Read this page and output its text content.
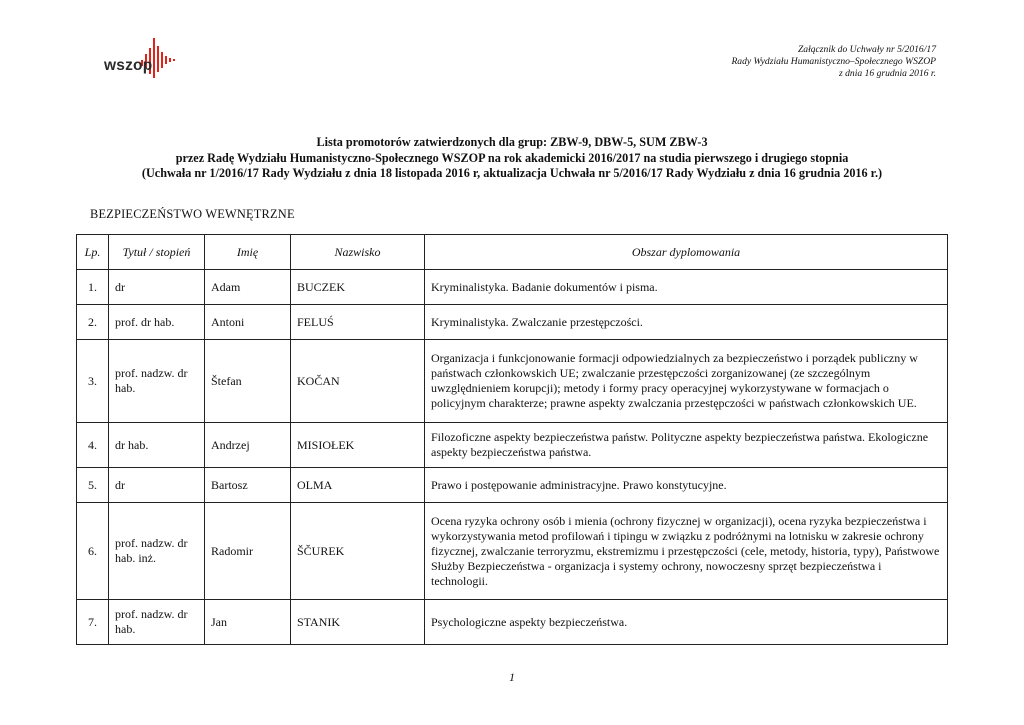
wszop
Załącznik do Uchwały nr 5/2016/17
Rady Wydziału Humanistyczno–Społecznego WSZOP
z dnia 16 grudnia 2016 r.
Lista promotorów zatwierdzonych dla grup: ZBW-9, DBW-5, SUM ZBW-3
przez Radę Wydziału Humanistyczno-Społecznego WSZOP na rok akademicki 2016/2017 na studia pierwszego i drugiego stopnia
(Uchwała nr 1/2016/17 Rady Wydziału z dnia 18 listopada 2016 r, aktualizacja Uchwała nr 5/2016/17 Rady Wydziału z dnia 16 grudnia 2016 r.)
BEZPIECZEŃSTWO WEWNĘTRZNE
Lp.	Tytuł / stopień	Imię	Nazwisko	Obszar dyplomowania
1.	dr	Adam	BUCZEK	Kryminalistyka. Badanie dokumentów i pisma.
2.	prof. dr hab.	Antoni	FELUŚ	Kryminalistyka. Zwalczanie przestępczości.
3.	prof. nadzw. dr hab.	Štefan	KOČAN	Organizacja i funkcjonowanie formacji odpowiedzialnych za bezpieczeństwo i porządek publiczny w państwach członkowskich UE; zwalczanie przestępczości zorganizowanej (ze szczególnym uwzględnieniem korupcji); metody i formy pracy operacyjnej wykorzystywane w formacjach o policyjnym charakterze; prawne aspekty zwalczania przestępczości w państwach członkowskich UE.
4.	dr hab.	Andrzej	MISIOŁEK	Filozoficzne aspekty bezpieczeństwa państw. Polityczne aspekty bezpieczeństwa państwa. Ekologiczne aspekty bezpieczeństwa państwa.
5.	dr	Bartosz	OLMA	Prawo i postępowanie administracyjne. Prawo konstytucyjne.
6.	prof. nadzw. dr hab. inż.	Radomir	ŠČUREK	Ocena ryzyka ochrony osób i mienia (ochrony fizycznej w organizacji), ocena ryzyka bezpieczeństwa i wykorzystywania metod profilowań i tipingu w związku z podróżnymi na lotnisku w zakresie ochrony fizycznej, zwalczanie terroryzmu, ekstremizmu i przestępczości (cele, metody, historia, typy), Państwowe Służby Bezpieczeństwa - organizacja i systemy ochrony, nowoczesny sprzęt bezpieczeństwa i technologii.
7.	prof. nadzw. dr hab.	Jan	STANIK	Psychologiczne aspekty bezpieczeństwa.
1
